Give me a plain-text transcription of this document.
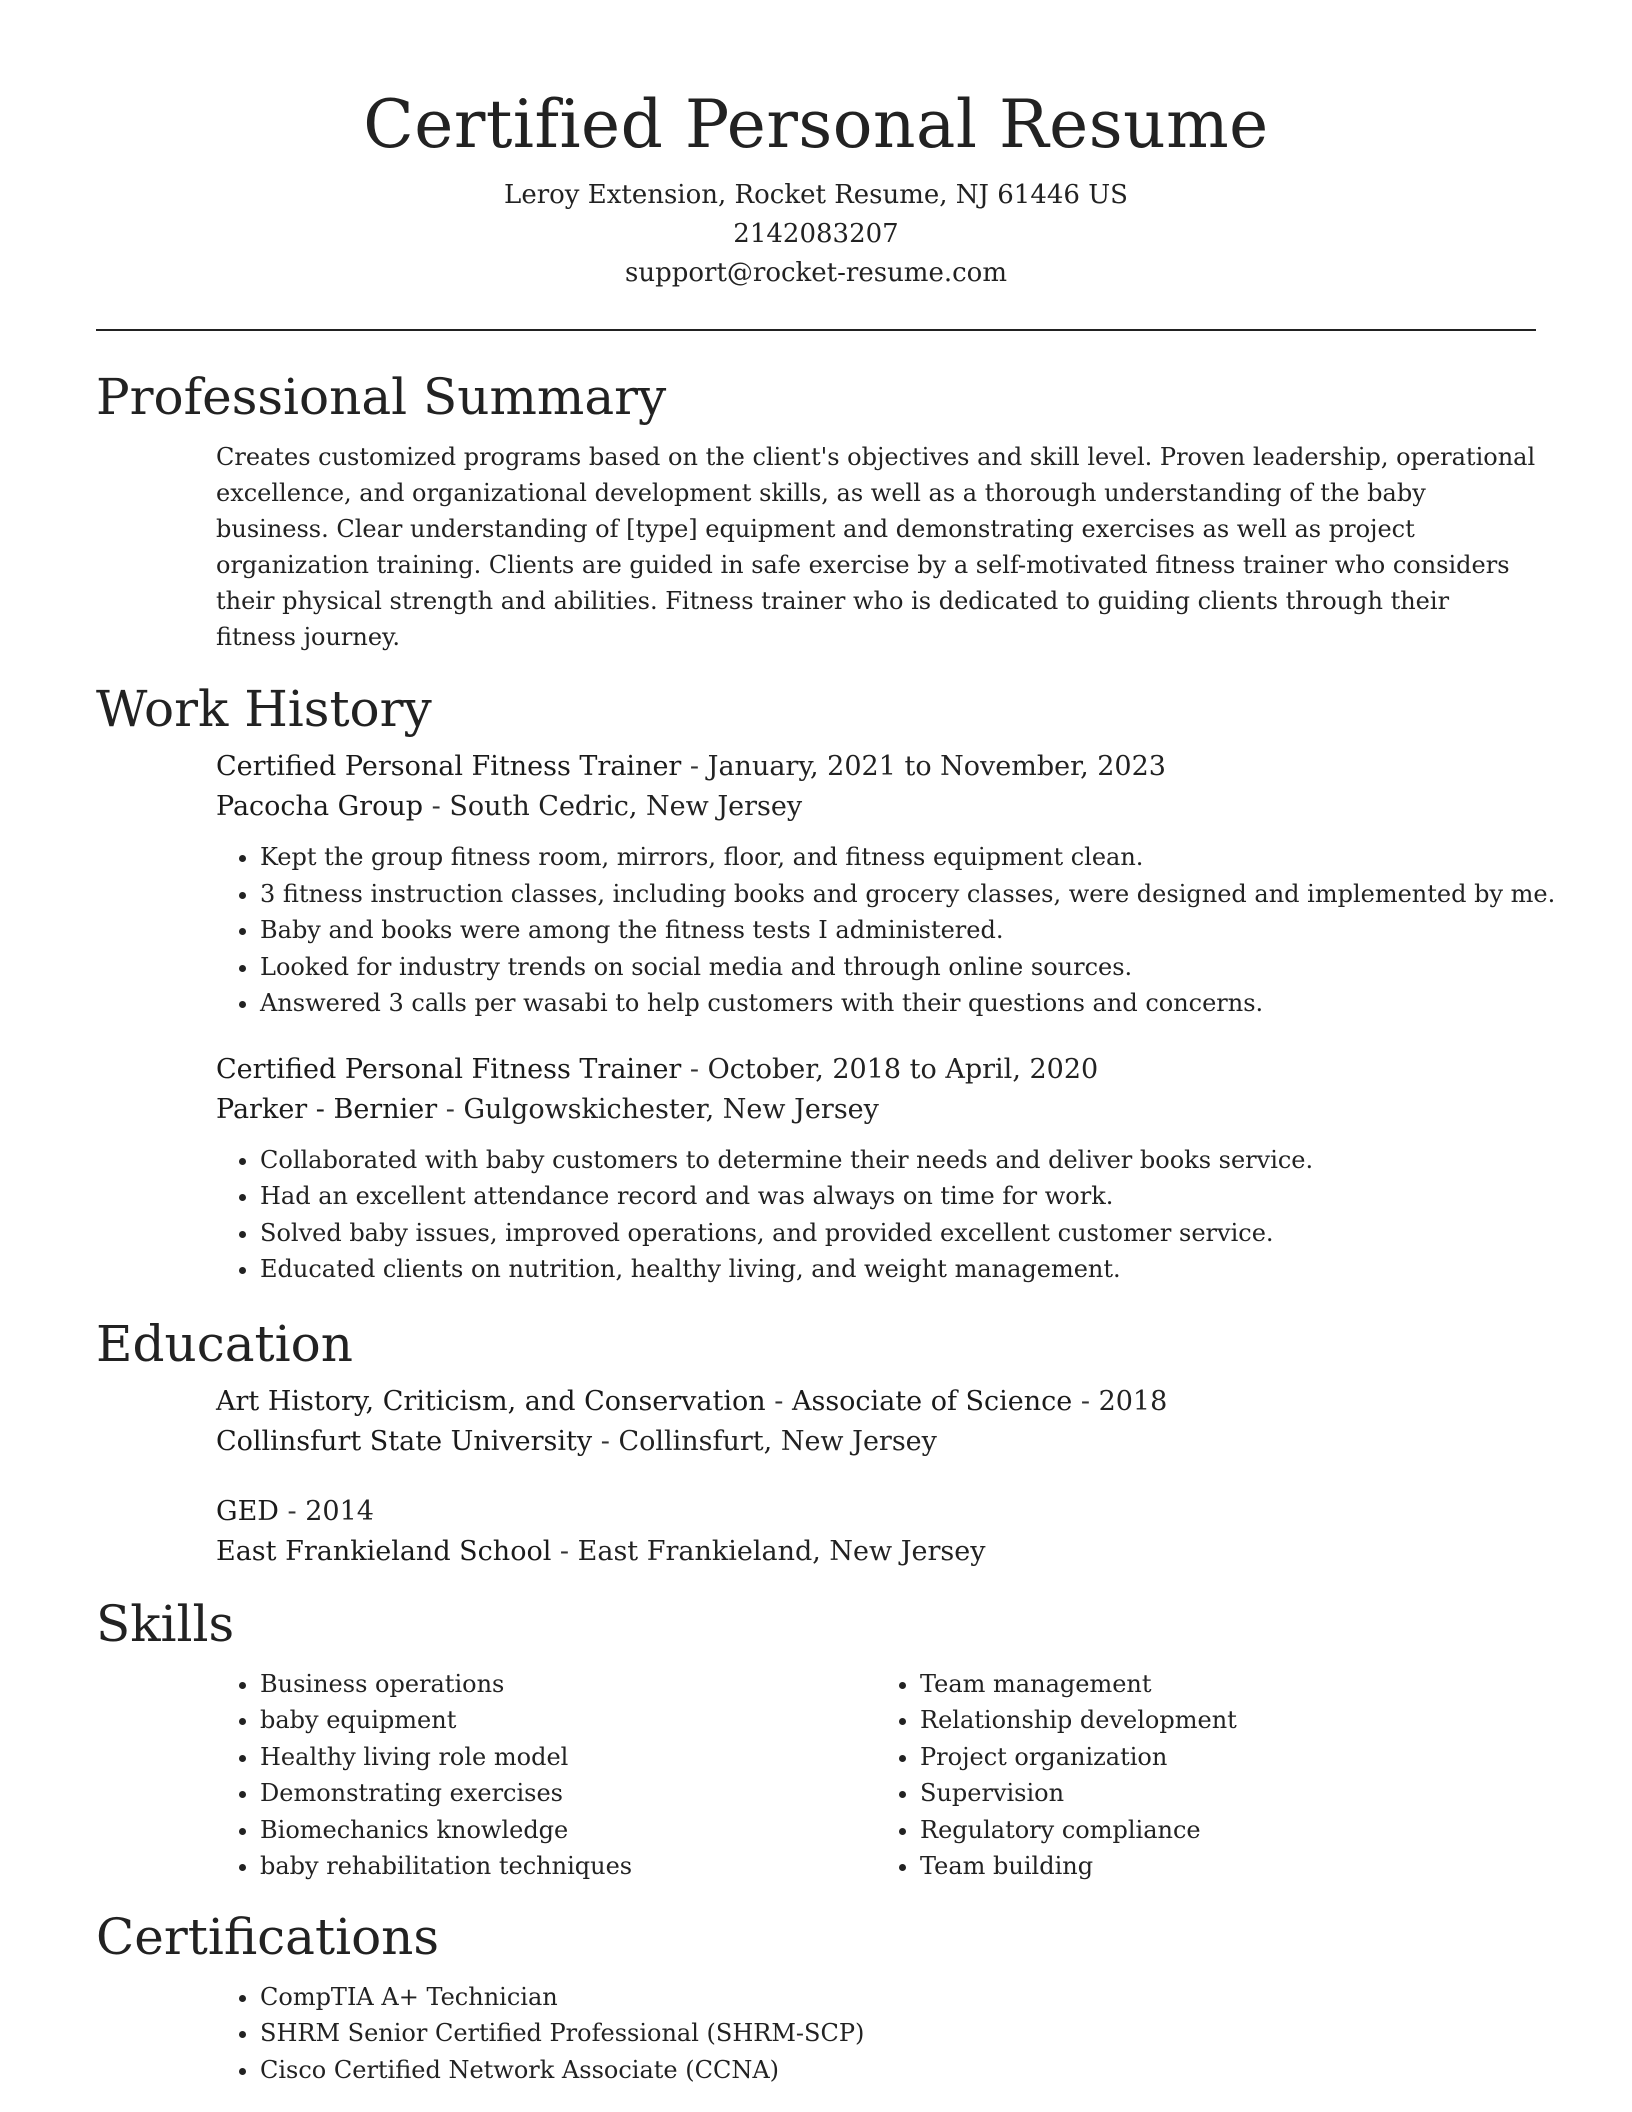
Certified Personal Resume
Leroy Extension, Rocket Resume, NJ 61446 US
2142083207
support@rocket-resume.com
Professional Summary

Creates customized programs based on the client's objectives and skill level. Proven leadership, operational excellence, and organizational development skills, as well as a thorough understanding of the baby business. Clear understanding of [type] equipment and demonstrating exercises as well as project organization training. Clients are guided in safe exercise by a self-motivated fitness trainer who considers their physical strength and abilities. Fitness trainer who is dedicated to guiding clients through their fitness journey.

Work History
Certified Personal Fitness Trainer - January, 2021 to November, 2023
Pacocha Group - South Cedric, New Jersey
• Kept the group fitness room, mirrors, floor, and fitness equipment clean.
• 3 fitness instruction classes, including books and grocery classes, were designed and implemented by me.
• Baby and books were among the fitness tests I administered.
• Looked for industry trends on social media and through online sources.
• Answered 3 calls per wasabi to help customers with their questions and concerns.
Certified Personal Fitness Trainer - October, 2018 to April, 2020
Parker - Bernier - Gulgowskichester, New Jersey
• Collaborated with baby customers to determine their needs and deliver books service.
• Had an excellent attendance record and was always on time for work.
• Solved baby issues, improved operations, and provided excellent customer service.
• Educated clients on nutrition, healthy living, and weight management.
Education
Art History, Criticism, and Conservation - Associate of Science - 2018
Collinsfurt State University - Collinsfurt, New Jersey
GED - 2014
East Frankieland School - East Frankieland, New Jersey
Skills
• Business operations
• baby equipment
• Healthy living role model
• Demonstrating exercises
• Biomechanics knowledge
• baby rehabilitation techniques
• Team management
• Relationship development
• Project organization
• Supervision
• Regulatory compliance
• Team building
Certifications
• CompTIA A+ Technician
• SHRM Senior Certified Professional (SHRM-SCP)
• Cisco Certified Network Associate (CCNA)
